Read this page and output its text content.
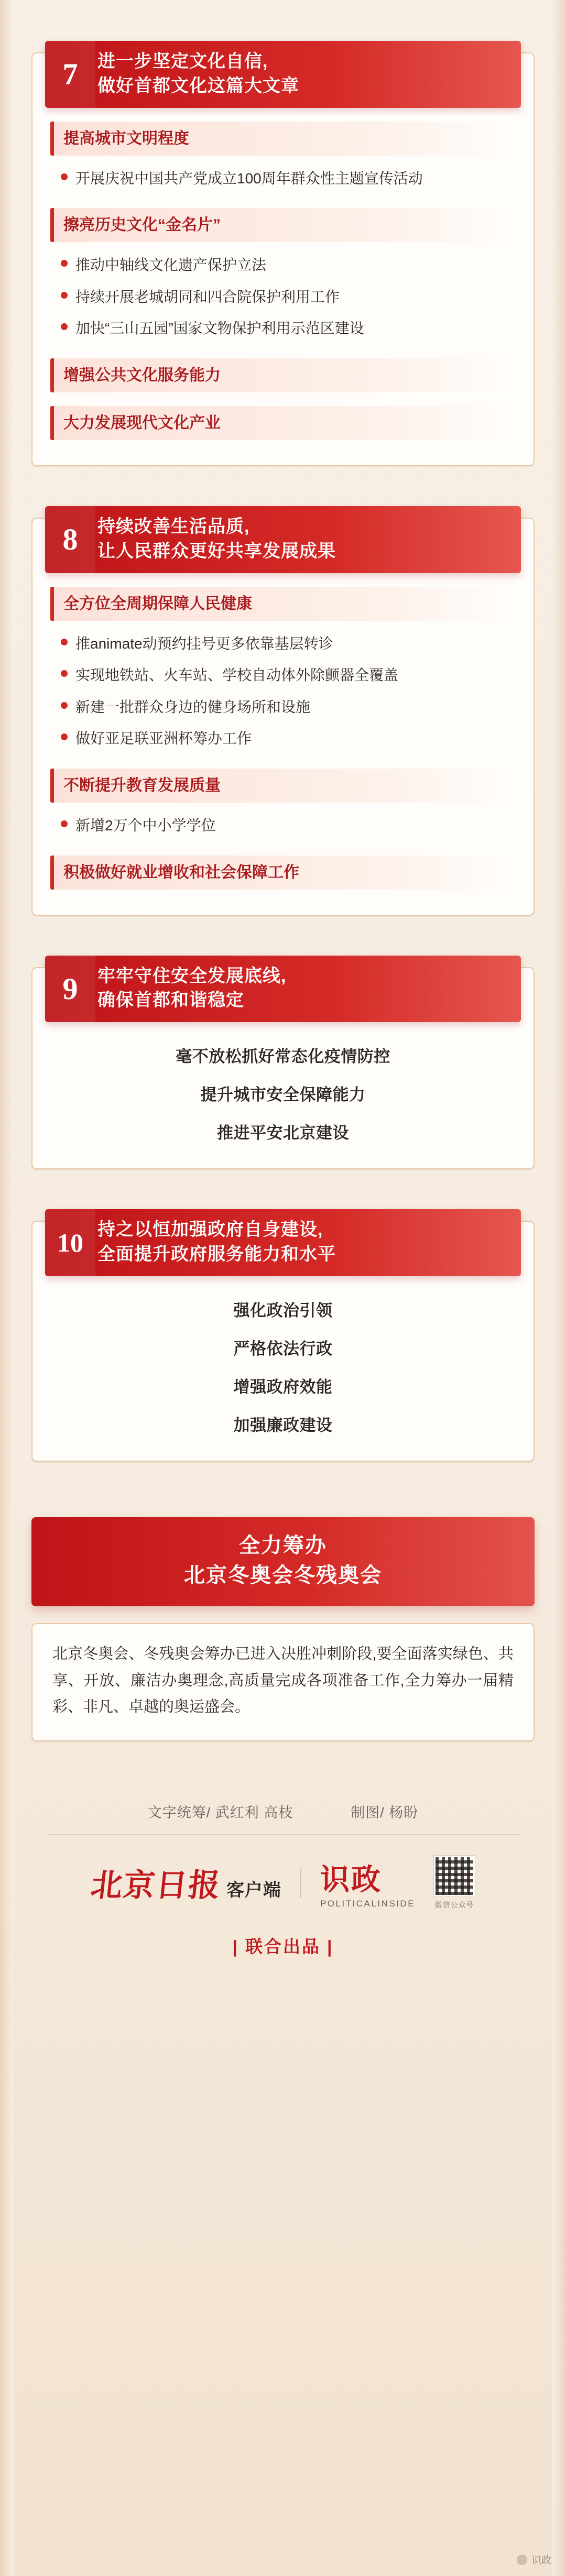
7	进一步坚定文化自信,
做好首都文化这篇大文章
提高城市文明程度
开展庆祝中国共产党成立100周年群众性主题宣传活动
擦亮历史文化“金名片”
推动中轴线文化遗产保护立法
持续开展老城胡同和四合院保护利用工作
加快“三山五园”国家文物保护利用示范区建设
增强公共文化服务能力
大力发展现代文化产业
8	持续改善生活品质,
让人民群众更好共享发展成果
全方位全周期保障人民健康
推animate动预约挂号更多依靠基层转诊
实现地铁站、火车站、学校自动体外除颤器全覆盖
新建一批群众身边的健身场所和设施
做好亚足联亚洲杯筹办工作
不断提升教育发展质量
新增2万个中小学学位
积极做好就业增收和社会保障工作
9	牢牢守住安全发展底线,
确保首都和谐稳定
毫不放松抓好常态化疫情防控
提升城市安全保障能力
推进平安北京建设
10 持之以恒加强政府自身建设,
全面提升政府服务能力和水平
强化政治引领
严格依法行政
增强政府效能
加强廉政建设
全力筹办
北京冬奥会冬残奥会
北京冬奥会、冬残奥会筹办已进入决胜冲刺阶段,要全面落实绿色、共享、开放、廉洁办奥理念,高质量完成各项准备工作,全力筹办一届精彩、非凡、卓越的奥运盛会。
文字统筹/ 武红利 高枝	制图/ 杨盼
北京日报 客户端 识政
POLITICALINSIDE	微信公众号
| 联合出品 |
识政
